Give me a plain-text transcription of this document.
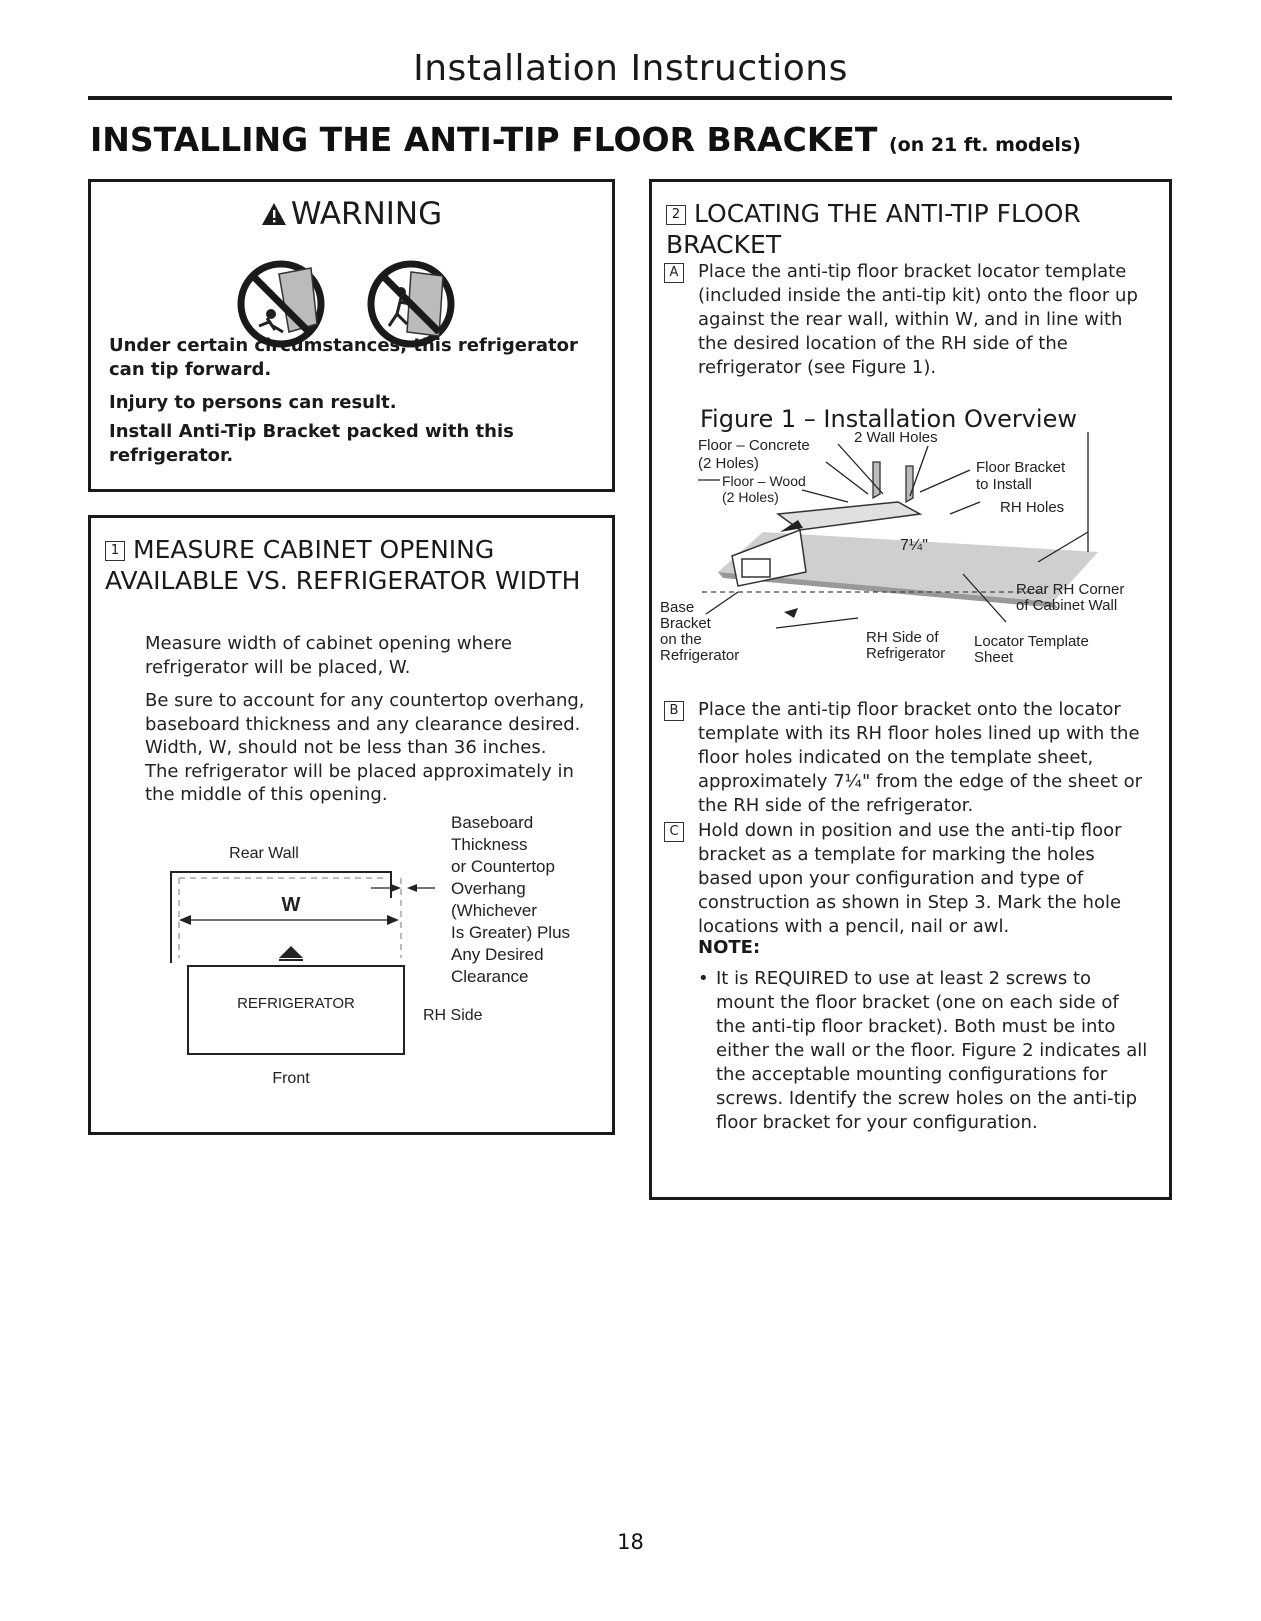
Installation Instructions
INSTALLING THE ANTI-TIP FLOOR BRACKET (on 21 ft. models)
WARNING
Under certain circumstances, this refrigerator can tip forward.
Injury to persons can result.
Install Anti-Tip Bracket packed with this refrigerator.
1 MEASURE CABINET OPENING AVAILABLE VS. REFRIGERATOR WIDTH

Measure width of cabinet opening where refrigerator will be placed, W.

Be sure to account for any countertop overhang, baseboard thickness and any clearance desired. Width, W, should not be less than 36 inches. The refrigerator will be placed approximately in the middle of this opening.

Rear Wall
W
REFRIGERATOR
Front
RH Side
Baseboard
Thickness
or Countertop
Overhang
(Whichever
Is Greater) Plus
Any Desired
Clearance
2 LOCATING THE ANTI-TIP FLOOR BRACKET
A	Place the anti-tip floor bracket locator template (included inside the anti-tip kit) onto the floor up against the rear wall, within W, and in line with the desired location of the RH side of the refrigerator (see Figure 1).
Figure 1 – Installation Overview
7¼"
Floor – Concrete
(2 Holes)
2 Wall Holes
Floor Bracket
to Install
Floor – Wood
(2 Holes)
RH Holes
Rear RH Corner
of Cabinet Wall
Base
Bracket
on the
Refrigerator
RH Side of
Refrigerator
Locator Template
Sheet
B	Place the anti-tip floor bracket onto the locator template with its RH floor holes lined up with the floor holes indicated on the template sheet, approximately 7¼" from the edge of the sheet or the RH side of the refrigerator.
C	Hold down in position and use the anti-tip floor bracket as a template for marking the holes based upon your configuration and type of construction as shown in Step 3. Mark the hole locations with a pencil, nail or awl.
NOTE:
• It is REQUIRED to use at least 2 screws to mount the floor bracket (one on each side of the anti-tip floor bracket). Both must be into either the wall or the floor. Figure 2 indicates all the acceptable mounting configurations for screws. Identify the screw holes on the anti-tip floor bracket for your configuration.
18
